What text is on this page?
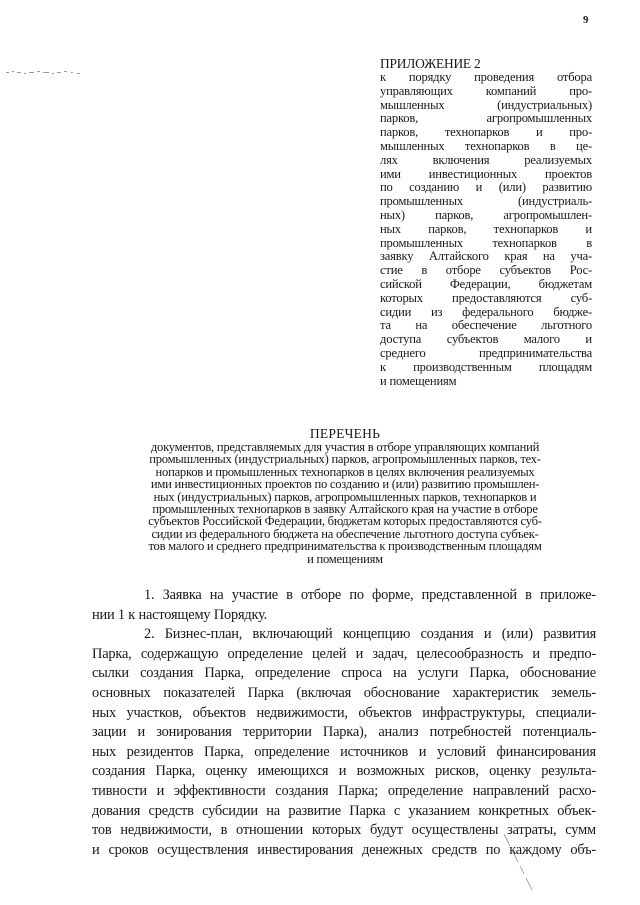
9
ПРИЛОЖЕНИЕ 2
к порядку проведения отбора
управляющих	компаний	про-
мышленных	(индустриальных)
парков,	агропромышленных
парков, технопарков и про-
мышленных технопарков в це-
лях	включения	реализуемых
ими инвестиционных проектов
по созданию и (или) развитию
промышленных	(индустриаль-
ных) парков, агропромышлен-
ных парков, технопарков и
промышленных технопарков в
заявку Алтайского края на уча-
стие в отборе субъектов Рос-
сийской Федерации, бюджетам
которых предоставляются суб-
сидии из федерального бюдже-
та на обеспечение льготного
доступа субъектов малого и
среднего	предпринимательства
к производственным площадям
и помещениям
ПЕРЕЧЕНЬ
документов, представляемых для участия в отборе управляющих компаний
промышленных (индустриальных) парков, агропромышленных парков, тех-
нопарков и промышленных технопарков в целях включения реализуемых
ими инвестиционных проектов по созданию и (или) развитию промышлен-
ных (индустриальных) парков, агропромышленных парков, технопарков и
промышленных технопарков в заявку Алтайского края на участие в отборе
субъектов Российской Федерации, бюджетам которых предоставляются суб-
сидии из федерального бюджета на обеспечение льготного доступа субъек-
тов малого и среднего предпринимательства к производственным площадям
и помещениям
1. Заявка на участие в отборе по форме, представленной в приложе-
нии 1 к настоящему Порядку.
2. Бизнес-план, включающий концепцию создания и (или) развития
Парка, содержащую определение целей и задач, целесообразность и предпо-
сылки создания Парка, определение спроса на услуги Парка, обоснование
основных показателей Парка (включая обоснование характеристик земель-
ных участков, объектов недвижимости, объектов инфраструктуры, специали-
зации и зонирования территории Парка), анализ потребностей потенциаль-
ных резидентов Парка, определение источников и условий финансирования
создания Парка, оценку имеющихся и возможных рисков, оценку результа-
тивности и эффективности создания Парка; определение направлений расхо-
дования средств субсидии на развитие Парка с указанием конкретных объек-
тов недвижимости, в отношении которых будут осуществлены затраты, сумм
и сроков осуществления инвестирования денежных средств по каждому объ-
